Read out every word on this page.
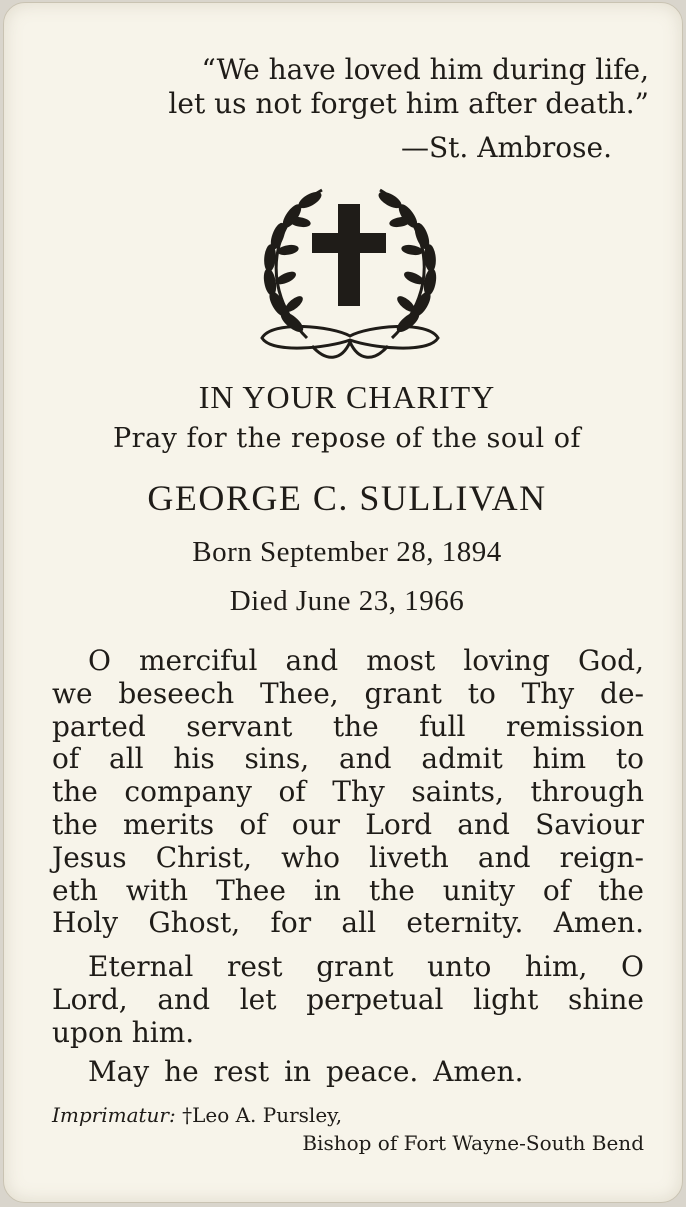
“We have loved him during life,
let us not forget him after death.”
—St. Ambrose.
IN YOUR CHARITY
Pray for the repose of the soul of
GEORGE C. SULLIVAN
Born September 28, 1894
Died June 23, 1966
O merciful and most loving God,
we beseech Thee, grant to Thy de-
parted servant the full remission
of all his sins, and admit him to
the company of Thy saints, through
the merits of our Lord and Saviour
Jesus Christ, who liveth and reign-
eth with Thee in the unity of the
Holy Ghost, for all eternity. Amen.
Eternal rest grant unto him, O
Lord, and let perpetual light shine
upon him.
May he rest in peace. Amen.
Imprimatur: †Leo A. Pursley,
Bishop of Fort Wayne-South Bend
